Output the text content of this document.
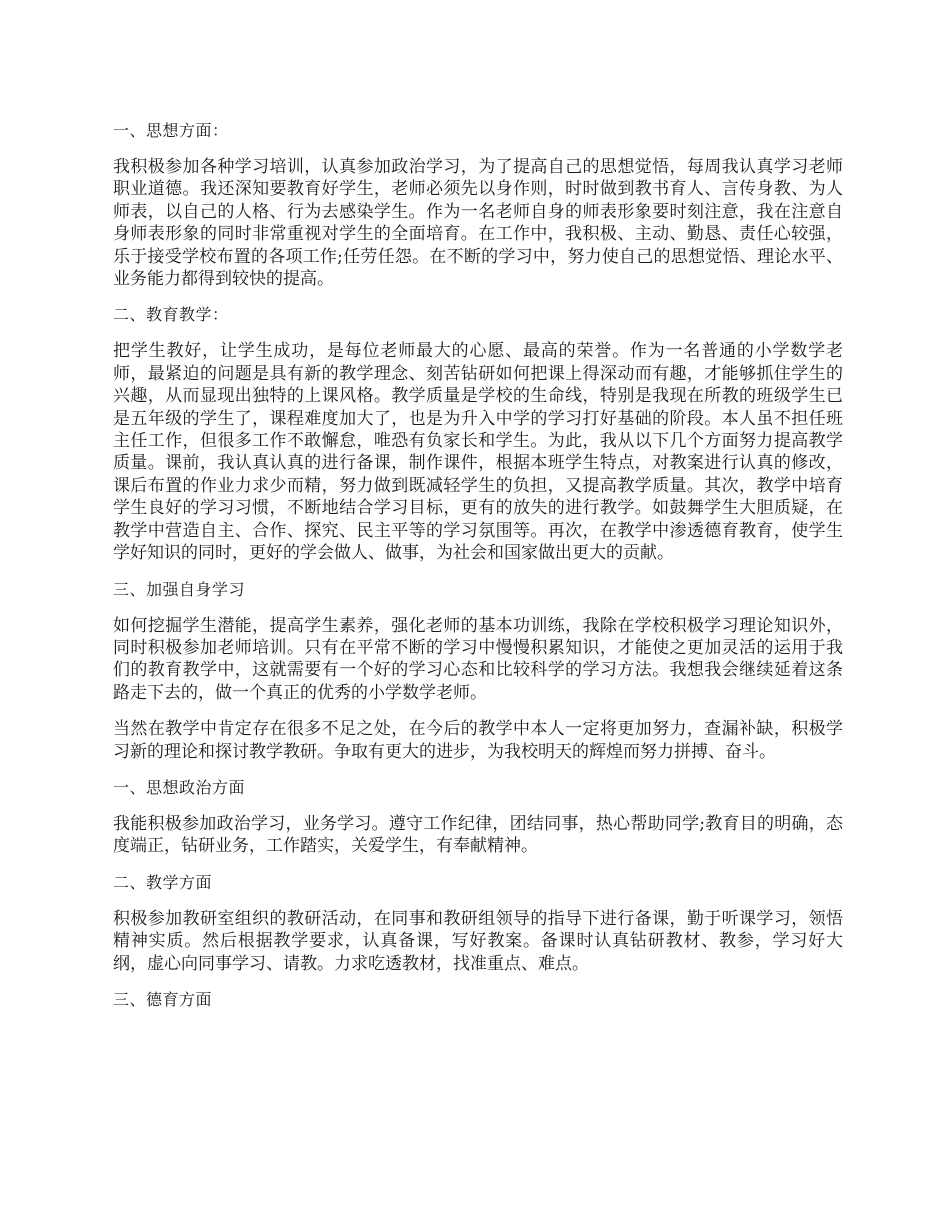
一、思想方面：

我积极参加各种学习培训，认真参加政治学习，为了提高自己的思想觉悟，每周我认真学习老师职业道德。我还深知要教育好学生，老师必须先以身作则，时时做到教书育人、言传身教、为人师表，以自己的人格、行为去感染学生。作为一名老师自身的师表形象要时刻注意，我在注意自身师表形象的同时非常重视对学生的全面培育。在工作中，我积极、主动、勤恳、责任心较强，乐于接受学校布置的各项工作;任劳任怨。在不断的学习中，努力使自己的思想觉悟、理论水平、业务能力都得到较快的提高。

二、教育教学：

把学生教好，让学生成功，是每位老师最大的心愿、最高的荣誉。作为一名普通的小学数学老师，最紧迫的问题是具有新的教学理念、刻苦钻研如何把课上得深动而有趣，才能够抓住学生的兴趣，从而显现出独特的上课风格。教学质量是学校的生命线，特别是我现在所教的班级学生已是五年级的学生了，课程难度加大了，也是为升入中学的学习打好基础的阶段。本人虽不担任班主任工作，但很多工作不敢懈怠，唯恐有负家长和学生。为此，我从以下几个方面努力提高教学质量。课前，我认真认真的进行备课，制作课件，根据本班学生特点，对教案进行认真的修改，课后布置的作业力求少而精，努力做到既减轻学生的负担，又提高教学质量。其次，教学中培育学生良好的学习习惯，不断地结合学习目标，更有的放失的进行教学。如鼓舞学生大胆质疑，在教学中营造自主、合作、探究、民主平等的学习氛围等。再次，在教学中渗透德育教育，使学生学好知识的同时，更好的学会做人、做事，为社会和国家做出更大的贡献。

三、加强自身学习

如何挖掘学生潜能，提高学生素养，强化老师的基本功训练，我除在学校积极学习理论知识外，同时积极参加老师培训。只有在平常不断的学习中慢慢积累知识，才能使之更加灵活的运用于我们的教育教学中，这就需要有一个好的学习心态和比较科学的学习方法。我想我会继续延着这条路走下去的，做一个真正的优秀的小学数学老师。

当然在教学中肯定存在很多不足之处，在今后的教学中本人一定将更加努力，查漏补缺，积极学习新的理论和探讨教学教研。争取有更大的进步，为我校明天的辉煌而努力拼搏、奋斗。

一、思想政治方面

我能积极参加政治学习，业务学习。遵守工作纪律，团结同事，热心帮助同学;教育目的明确，态度端正，钻研业务，工作踏实，关爱学生，有奉献精神。

二、教学方面

积极参加教研室组织的教研活动，在同事和教研组领导的指导下进行备课，勤于听课学习，领悟精神实质。然后根据教学要求，认真备课，写好教案。备课时认真钻研教材、教参，学习好大纲，虚心向同事学习、请教。力求吃透教材，找准重点、难点。

三、德育方面
